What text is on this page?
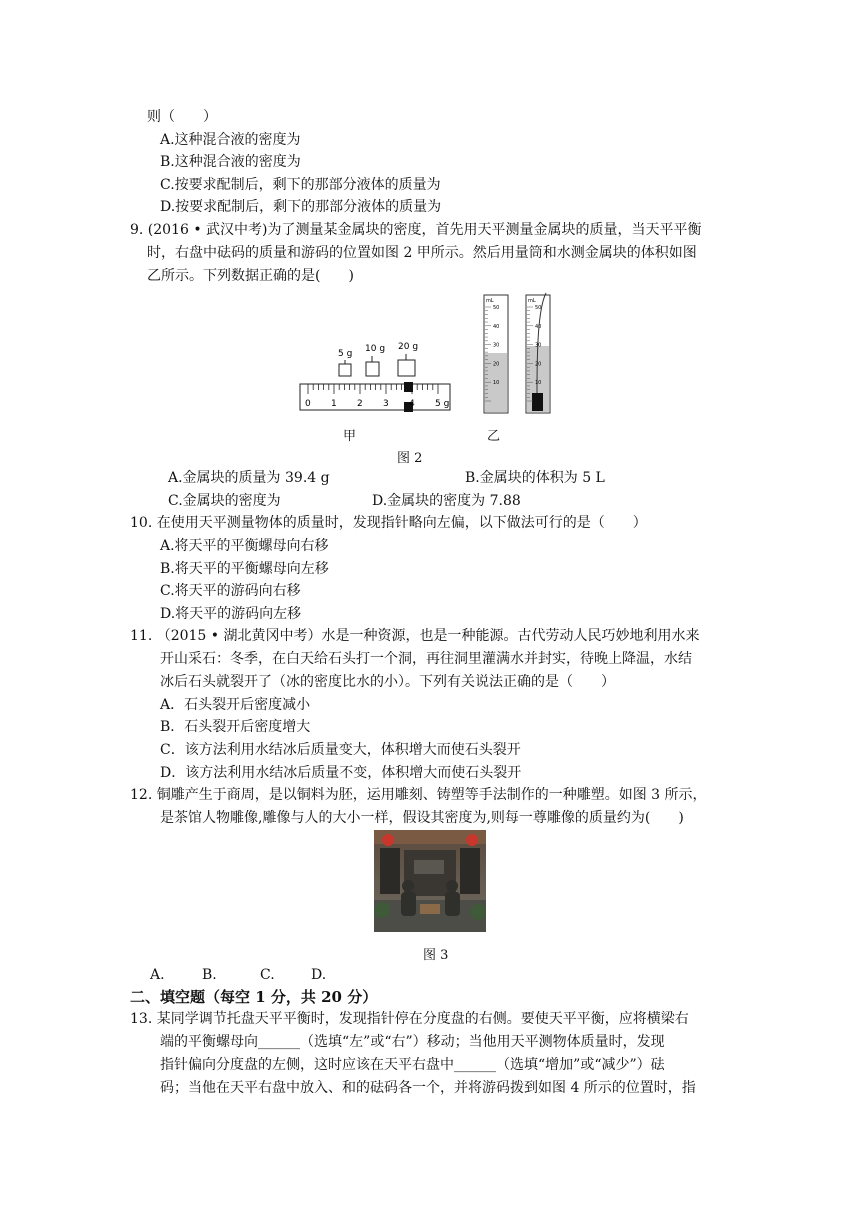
则（　　）
A.这种混合液的密度为
B.这种混合液的密度为
C.按要求配制后，剩下的那部分液体的质量为
D.按要求配制后，剩下的那部分液体的质量为
9. (2016 • 武汉中考)为了测量某金属块的密度，首先用天平测量金属块的质量，当天平平衡
时，右盘中砝码的质量和游码的位置如图 2 甲所示。然后用量筒和水测金属块的体积如图
乙所示。下列数据正确的是(　　)
5 g 10 g 20 g
0 1 2 3 4 5 g
mL
50
40
30
20
10
mL
50
40
30
20
10
甲	乙
图 2
A.金属块的质量为 39.4 g	B.金属块的体积为 5 L
C.金属块的密度为	D.金属块的密度为 7.88
10. 在使用天平测量物体的质量时，发现指针略向左偏，以下做法可行的是（　　）
A.将天平的平衡螺母向右移
B.将天平的平衡螺母向左移
C.将天平的游码向右移
D.将天平的游码向左移
11. （2015 • 湖北黄冈中考）水是一种资源，也是一种能源。古代劳动人民巧妙地利用水来
开山采石：冬季，在白天给石头打一个洞，再往洞里灌满水并封实，待晚上降温，水结
冰后石头就裂开了（冰的密度比水的小）。下列有关说法正确的是（　　）
A．石头裂开后密度减小
B．石头裂开后密度增大
C．该方法利用水结冰后质量变大，体积增大而使石头裂开
D．该方法利用水结冰后质量不变，体积增大而使石头裂开
12. 铜雕产生于商周，是以铜料为胚，运用雕刻、铸塑等手法制作的一种雕塑。如图 3 所示，
是茶馆人物雕像,雕像与人的大小一样，假设其密度为,则每一尊雕像的质量约为(　　)
图 3
A.	B.	C.	D.
二、填空题（每空 1 分，共 20 分）
13. 某同学调节托盘天平平衡时，发现指针停在分度盘的右侧。要使天平平衡，应将横梁右
端的平衡螺母向______（选填“左”或“右”）移动；当他用天平测物体质量时，发现
指针偏向分度盘的左侧，这时应该在天平右盘中______（选填“增加”或“减少”）砝
码；当他在天平右盘中放入、和的砝码各一个，并将游码拨到如图 4 所示的位置时，指
